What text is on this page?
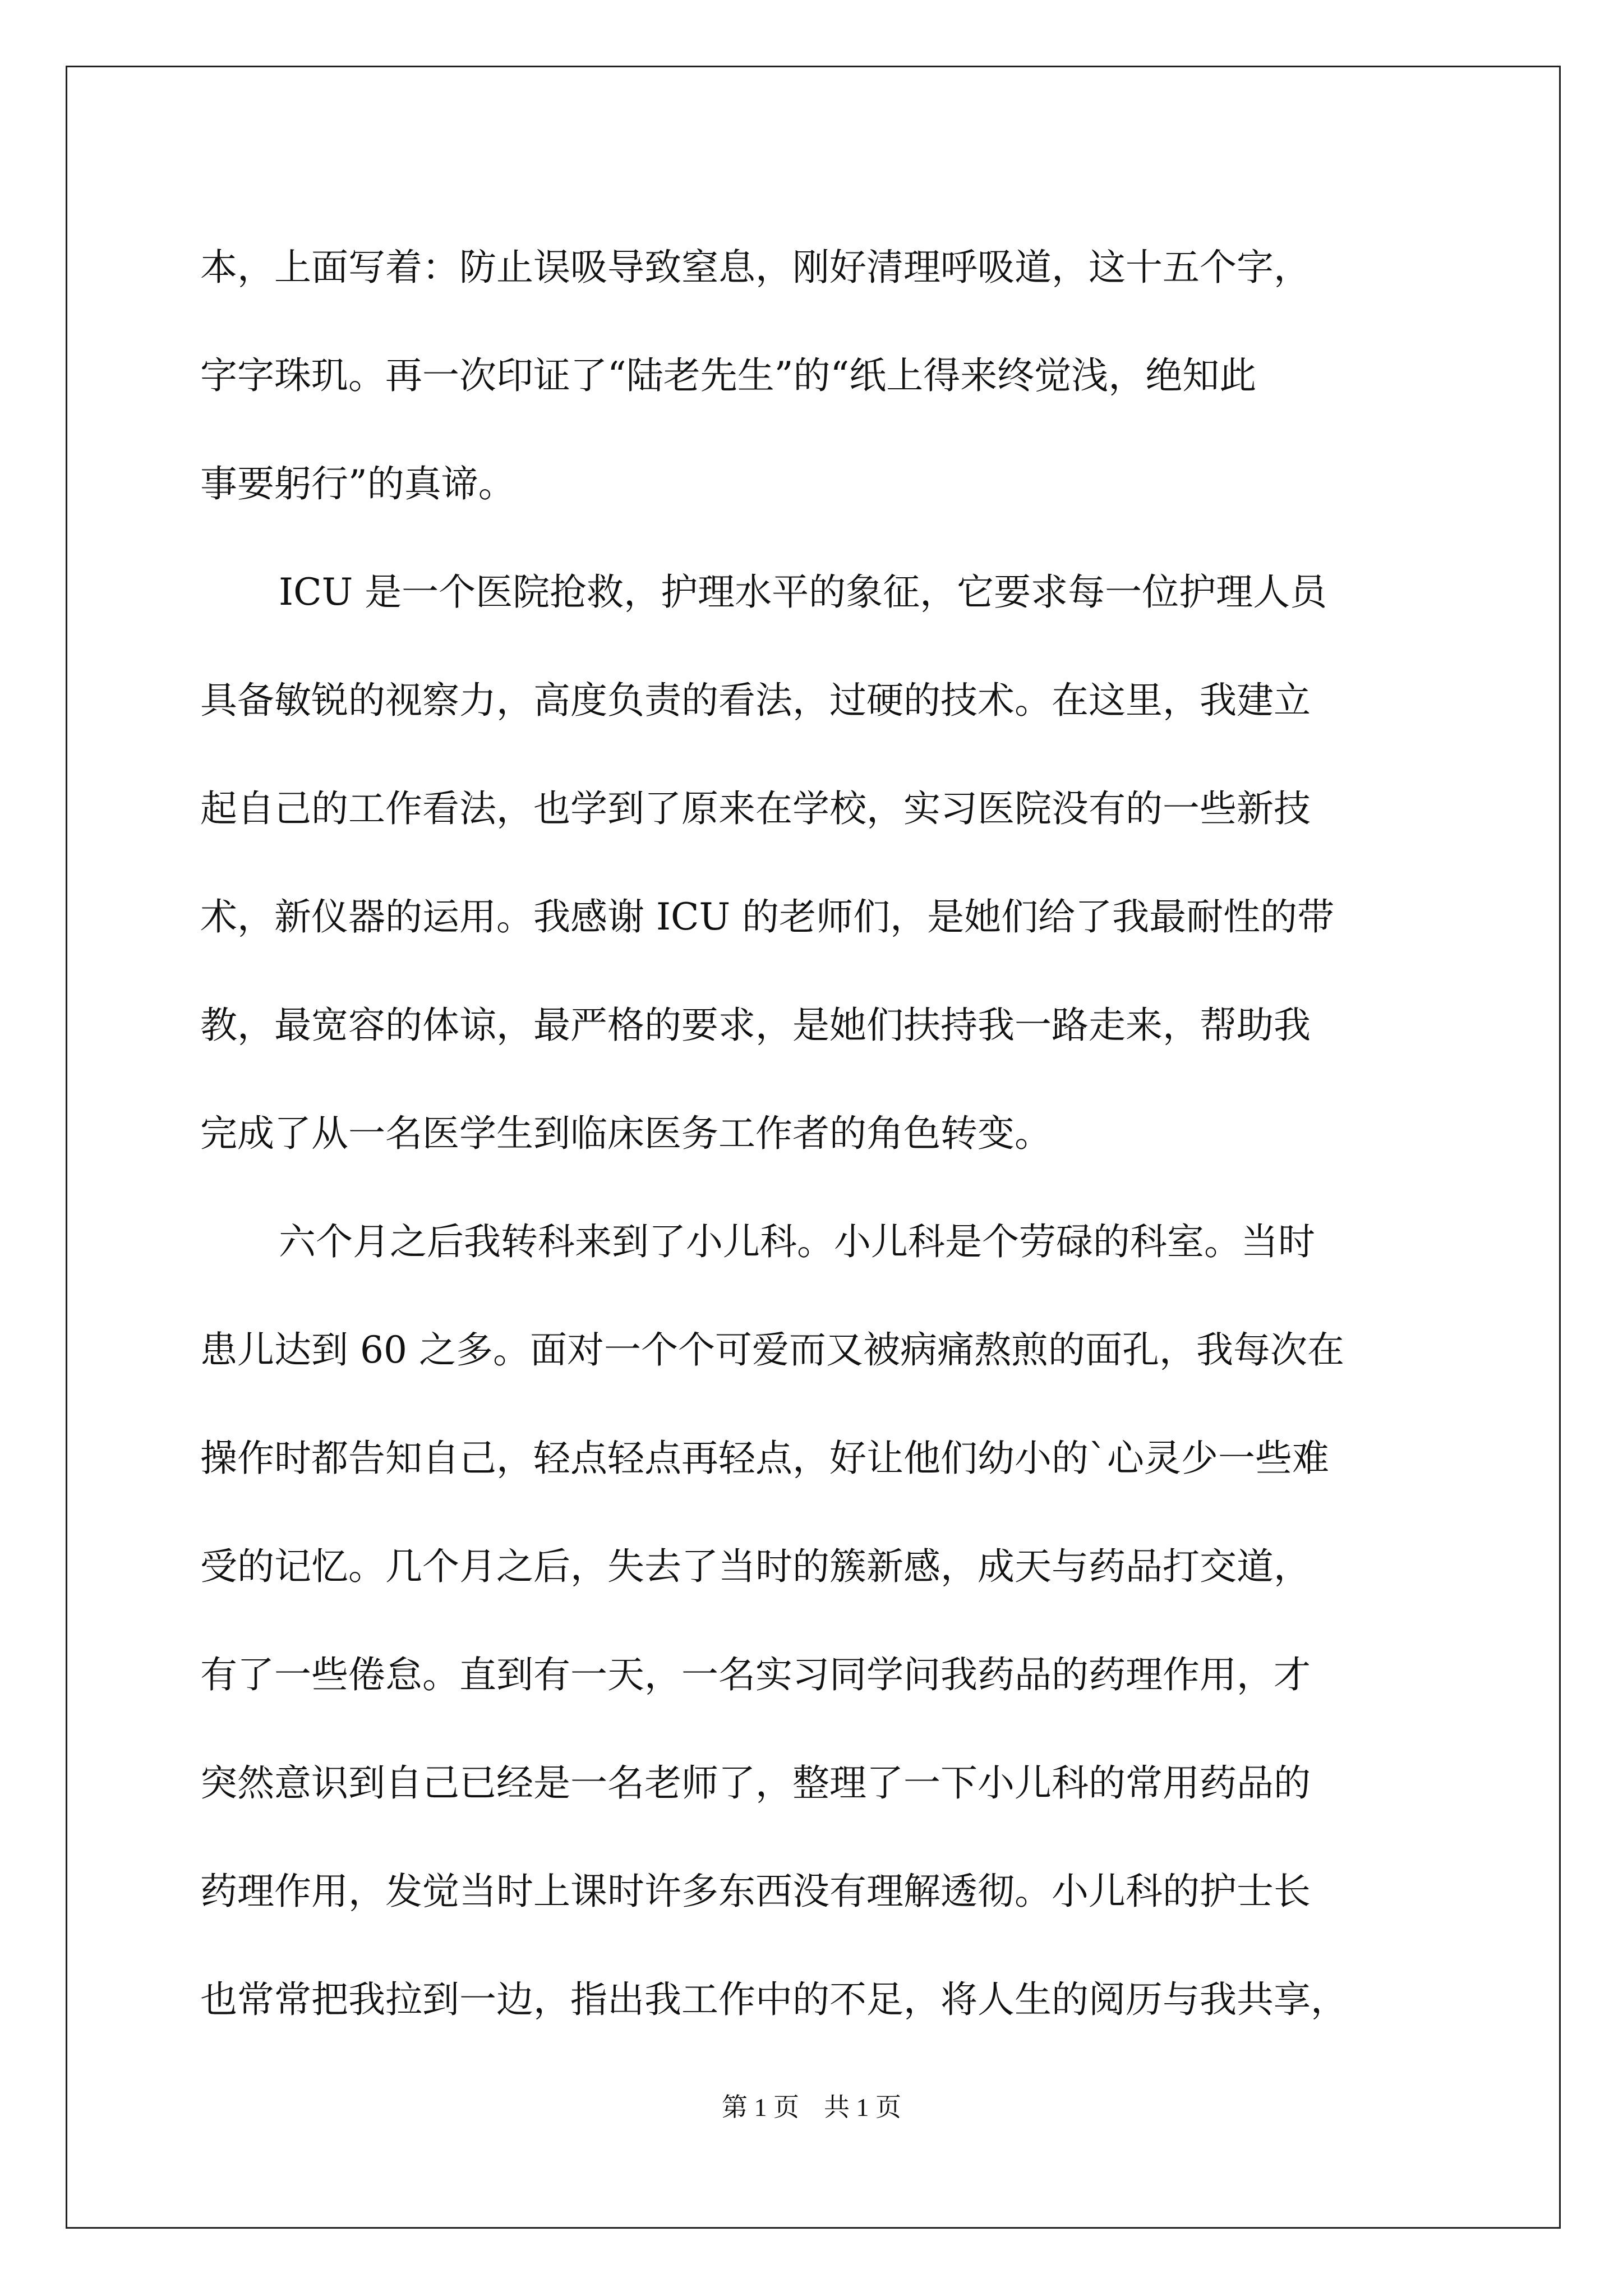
本，上面写着：防止误吸导致窒息，刚好清理呼吸道，这十五个字，
字字珠玑。再一次印证了“陆老先生”的“纸上得来终觉浅，绝知此
事要躬行”的真谛。
ICU 是一个医院抢救，护理水平的象征，它要求每一位护理人员
具备敏锐的视察力，高度负责的看法，过硬的技术。在这里，我建立
起自己的工作看法，也学到了原来在学校，实习医院没有的一些新技
术，新仪器的运用。我感谢 ICU 的老师们，是她们给了我最耐性的带
教，最宽容的体谅，最严格的要求，是她们扶持我一路走来，帮助我
完成了从一名医学生到临床医务工作者的角色转变。
六个月之后我转科来到了小儿科。小儿科是个劳碌的科室。当时
患儿达到 60 之多。面对一个个可爱而又被病痛熬煎的面孔，我每次在
操作时都告知自己，轻点轻点再轻点，好让他们幼小的`心灵少一些难
受的记忆。几个月之后，失去了当时的簇新感，成天与药品打交道，
有了一些倦怠。直到有一天，一名实习同学问我药品的药理作用，才
突然意识到自己已经是一名老师了，整理了一下小儿科的常用药品的
药理作用，发觉当时上课时许多东西没有理解透彻。小儿科的护士长
也常常把我拉到一边，指出我工作中的不足，将人生的阅历与我共享，
第 1 页 共 1 页
